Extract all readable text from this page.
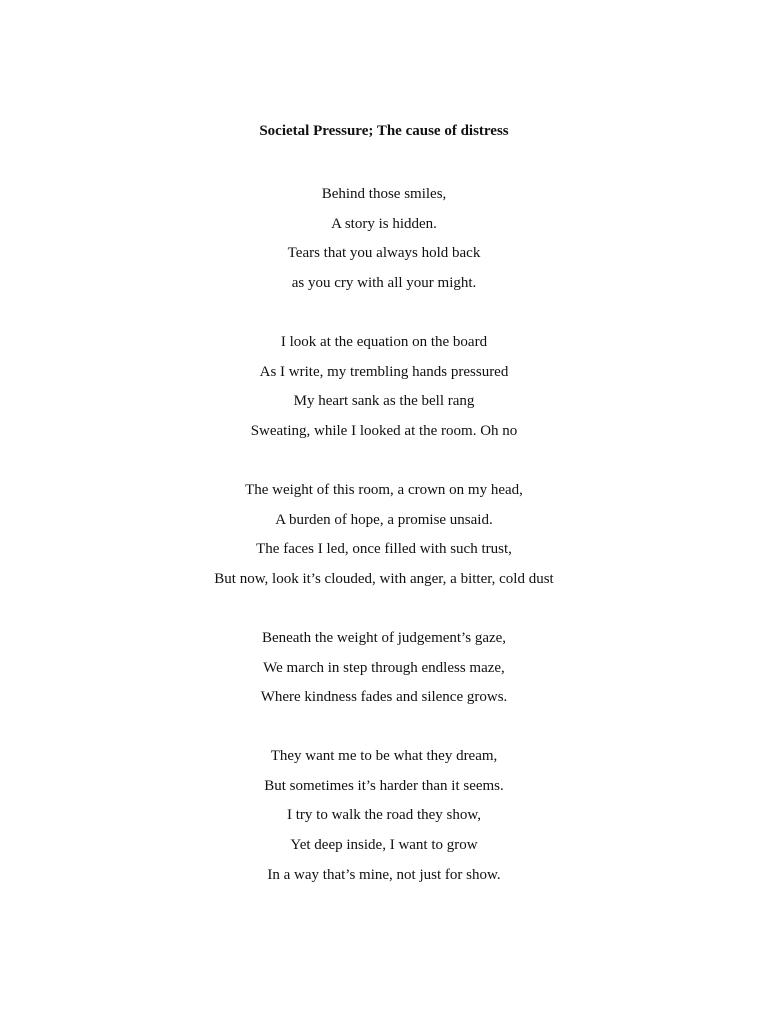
Societal Pressure; The cause of distress
Behind those smiles,
A story is hidden.
Tears that you always hold back
as you cry with all your might.
I look at the equation on the board
As I write, my trembling hands pressured
My heart sank as the bell rang
Sweating, while I looked at the room. Oh no
The weight of this room, a crown on my head,
A burden of hope, a promise unsaid.
The faces I led, once filled with such trust,
But now, look it’s clouded, with anger, a bitter, cold dust
Beneath the weight of judgement’s gaze,
We march in step through endless maze,
Where kindness fades and silence grows.
They want me to be what they dream,
But sometimes it’s harder than it seems.
I try to walk the road they show,
Yet deep inside, I want to grow
In a way that’s mine, not just for show.
